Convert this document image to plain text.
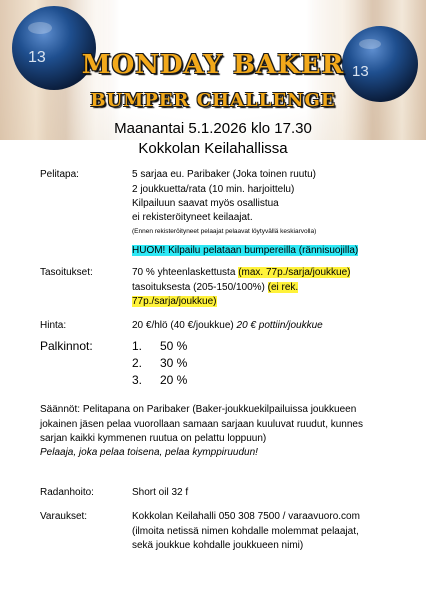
13
13
MONDAY BAKER
BUMPER CHALLENGE
Maanantai 5.1.2026 klo 17.30
Kokkolan Keilahallissa
Pelitapa:	5 sarjaa eu. Paribaker (Joka toinen ruutu)
2 joukkuetta/rata (10 min. harjoittelu)
Kilpailuun saavat myös osallistua
ei rekisteröityneet keilaajat.
(Ennen rekisteröityneet pelaajat pelaavat löytyvällä keskiarvolla)
HUOM! Kilpailu pelataan bumpereilla (rännisuojilla)
Tasoitukset:	70 % yhteenlaskettusta (max. 77p./sarja/joukkue)
tasoituksesta (205-150/100%) (ei rek.
77p./sarja/joukkue)
Hinta:	20 €/hlö (40 €/joukkue) 20 € pottiin/joukkue
Palkinnot:	1. 50 %
2. 30 %
3. 20 %
Säännöt: Pelitapana on Paribaker (Baker-joukkuekilpailuissa joukkueen
jokainen jäsen pelaa vuorollaan samaan sarjaan kuuluvat ruudut, kunnes
sarjan kaikki kymmenen ruutua on pelattu loppuun)
Pelaaja, joka pelaa toisena, pelaa kymppiruudun!
Radanhoito:	Short oil 32 f
Varaukset:	Kokkolan Keilahalli 050 308 7500 / varaavuoro.com
(ilmoita netissä nimen kohdalle molemmat pelaajat,
sekä joukkue kohdalle joukkueen nimi)
